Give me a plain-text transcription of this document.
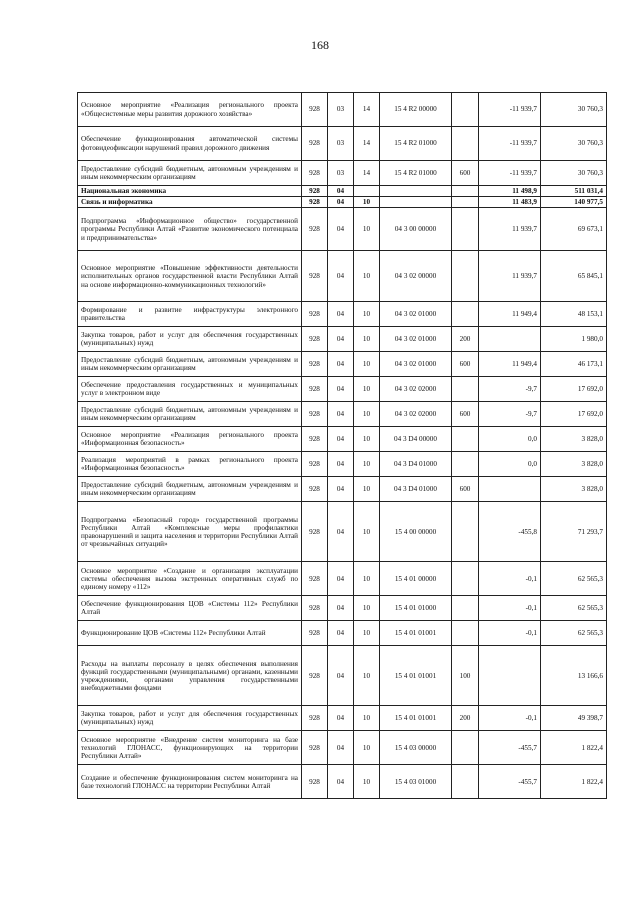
168
Основное мероприятие «Реализация регионального проекта «Общесистемные меры развития дорожного хозяйства»	928	03	14	15 4 R2 00000		-11 939,7	30 760,3
Обеспечение функционирования автоматической системы фотовидеофиксации нарушений правил дорожного движения	928	03	14	15 4 R2 01000		-11 939,7	30 760,3
Предоставление субсидий бюджетным, автономным учреждениям и иным некоммерческим организациям	928	03	14	15 4 R2 01000	600	-11 939,7	30 760,3
Национальная экономика	928	04				11 498,9	511 031,4
Связь и информатика	928	04	10			11 483,9	140 977,5
Подпрограмма «Информационное общество» государственной программы Республики Алтай «Развитие экономического потенциала и предпринимательства»	928	04	10	04 3 00 00000		11 939,7	69 673,1
Основное мероприятие «Повышение эффективности деятельности исполнительных органов государственной власти Республики Алтай на основе информационно-коммуникационных технологий»	928	04	10	04 3 02 00000		11 939,7	65 845,1
Формирование и развитие инфраструктуры электронного правительства	928	04	10	04 3 02 01000		11 949,4	48 153,1
Закупка товаров, работ и услуг для обеспечения государственных (муниципальных) нужд	928	04	10	04 3 02 01000	200		1 980,0
Предоставление субсидий бюджетным, автономным учреждениям и иным некоммерческим организациям	928	04	10	04 3 02 01000	600	11 949,4	46 173,1
Обеспечение предоставления государственных и муниципальных услуг в электронном виде	928	04	10	04 3 02 02000		-9,7	17 692,0
Предоставление субсидий бюджетным, автономным учреждениям и иным некоммерческим организациям	928	04	10	04 3 02 02000	600	-9,7	17 692,0
Основное мероприятие «Реализация регионального проекта «Информационная безопасность»	928	04	10	04 3 D4 00000		0,0	3 828,0
Реализация мероприятий в рамках регионального проекта «Информационная безопасность»	928	04	10	04 3 D4 01000		0,0	3 828,0
Предоставление субсидий бюджетным, автономным учреждениям и иным некоммерческим организациям	928	04	10	04 3 D4 01000	600		3 828,0
Подпрограмма «Безопасный город» государственной программы Республики Алтай «Комплексные меры профилактики правонарушений и защита населения и территории Республики Алтай от чрезвычайных ситуаций»	928	04	10	15 4 00 00000		-455,8	71 293,7
Основное мероприятие «Создание и организация эксплуатации системы обеспечения вызова экстренных оперативных служб по единому номеру «112»	928	04	10	15 4 01 00000		-0,1	62 565,3
Обеспечение функционирования ЦОВ «Системы 112» Республики Алтай	928	04	10	15 4 01 01000		-0,1	62 565,3
Функционирование ЦОВ «Системы 112» Республики Алтай	928	04	10	15 4 01 01001		-0,1	62 565,3
Расходы на выплаты персоналу в целях обеспечения выполнения функций государственными (муниципальными) органами, казенными учреждениями, органами управления государственными внебюджетными фондами	928	04	10	15 4 01 01001	100		13 166,6
Закупка товаров, работ и услуг для обеспечения государственных (муниципальных) нужд	928	04	10	15 4 01 01001	200	-0,1	49 398,7
Основное мероприятие «Внедрение систем мониторинга на базе технологий ГЛОНАСС, функционирующих на территории Республики Алтай»	928	04	10	15 4 03 00000		-455,7	1 822,4
Создание и обеспечение функционирования систем мониторинга на базе технологий ГЛОНАСС на территории Республики Алтай	928	04	10	15 4 03 01000		-455,7	1 822,4
